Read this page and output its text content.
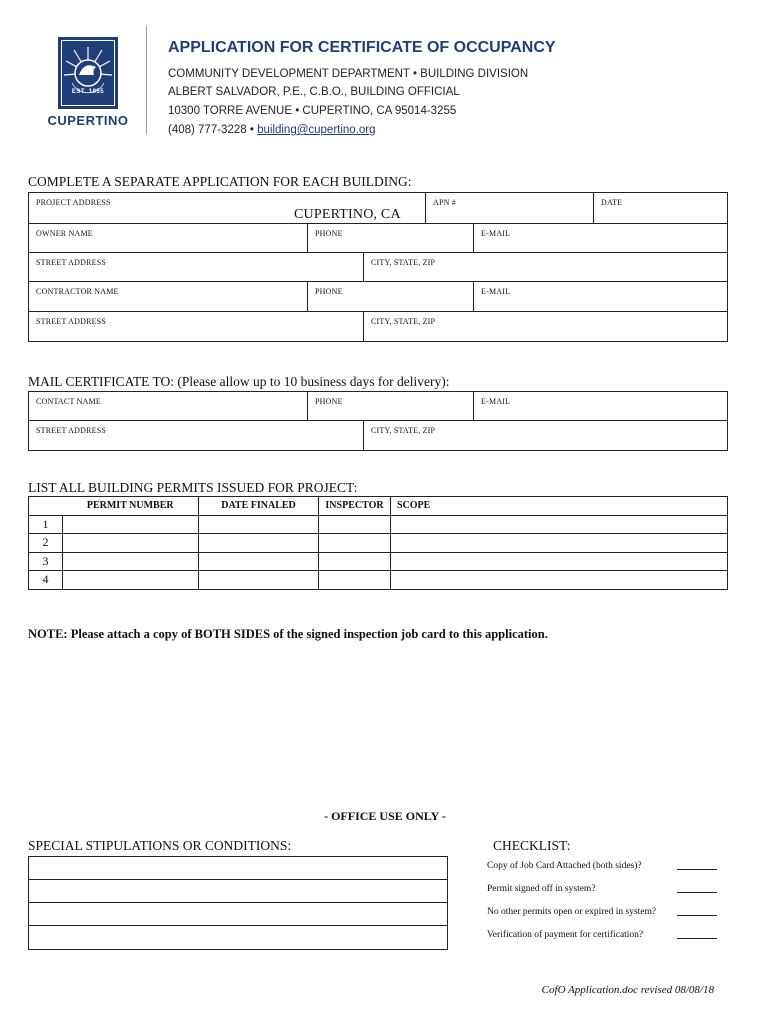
EST. 1955
CUPERTINO
APPLICATION FOR CERTIFICATE OF OCCUPANCY
COMMUNITY DEVELOPMENT DEPARTMENT • BUILDING DIVISION
ALBERT SALVADOR, P.E., C.B.O., BUILDING OFFICIAL
10300 TORRE AVENUE • CUPERTINO, CA 95014-3255
(408) 777-3228 • building@cupertino.org
COMPLETE A SEPARATE APPLICATION FOR EACH BUILDING:
PROJECT ADDRESS
CUPERTINO, CA
APN #	DATE
OWNER NAME	PHONE	E-MAIL
STREET ADDRESS	CITY, STATE, ZIP
CONTRACTOR NAME	PHONE	E-MAIL
STREET ADDRESS	CITY, STATE, ZIP
MAIL CERTIFICATE TO: (Please allow up to 10 business days for delivery):
CONTACT NAME	PHONE	E-MAIL
STREET ADDRESS	CITY, STATE, ZIP
LIST ALL BUILDING PERMITS ISSUED FOR PROJECT:
	PERMIT NUMBER	DATE FINALED	INSPECTOR	SCOPE
1				
2				
3				
4				
NOTE: Please attach a copy of BOTH SIDES of the signed inspection job card to this application.
- OFFICE USE ONLY -
SPECIAL STIPULATIONS OR CONDITIONS:	CHECKLIST:
Copy of Job Card Attached (both sides)?
Permit signed off in system?
No other permits open or expired in system?
Verification of payment for certification?
CofO Application.doc revised 08/08/18
